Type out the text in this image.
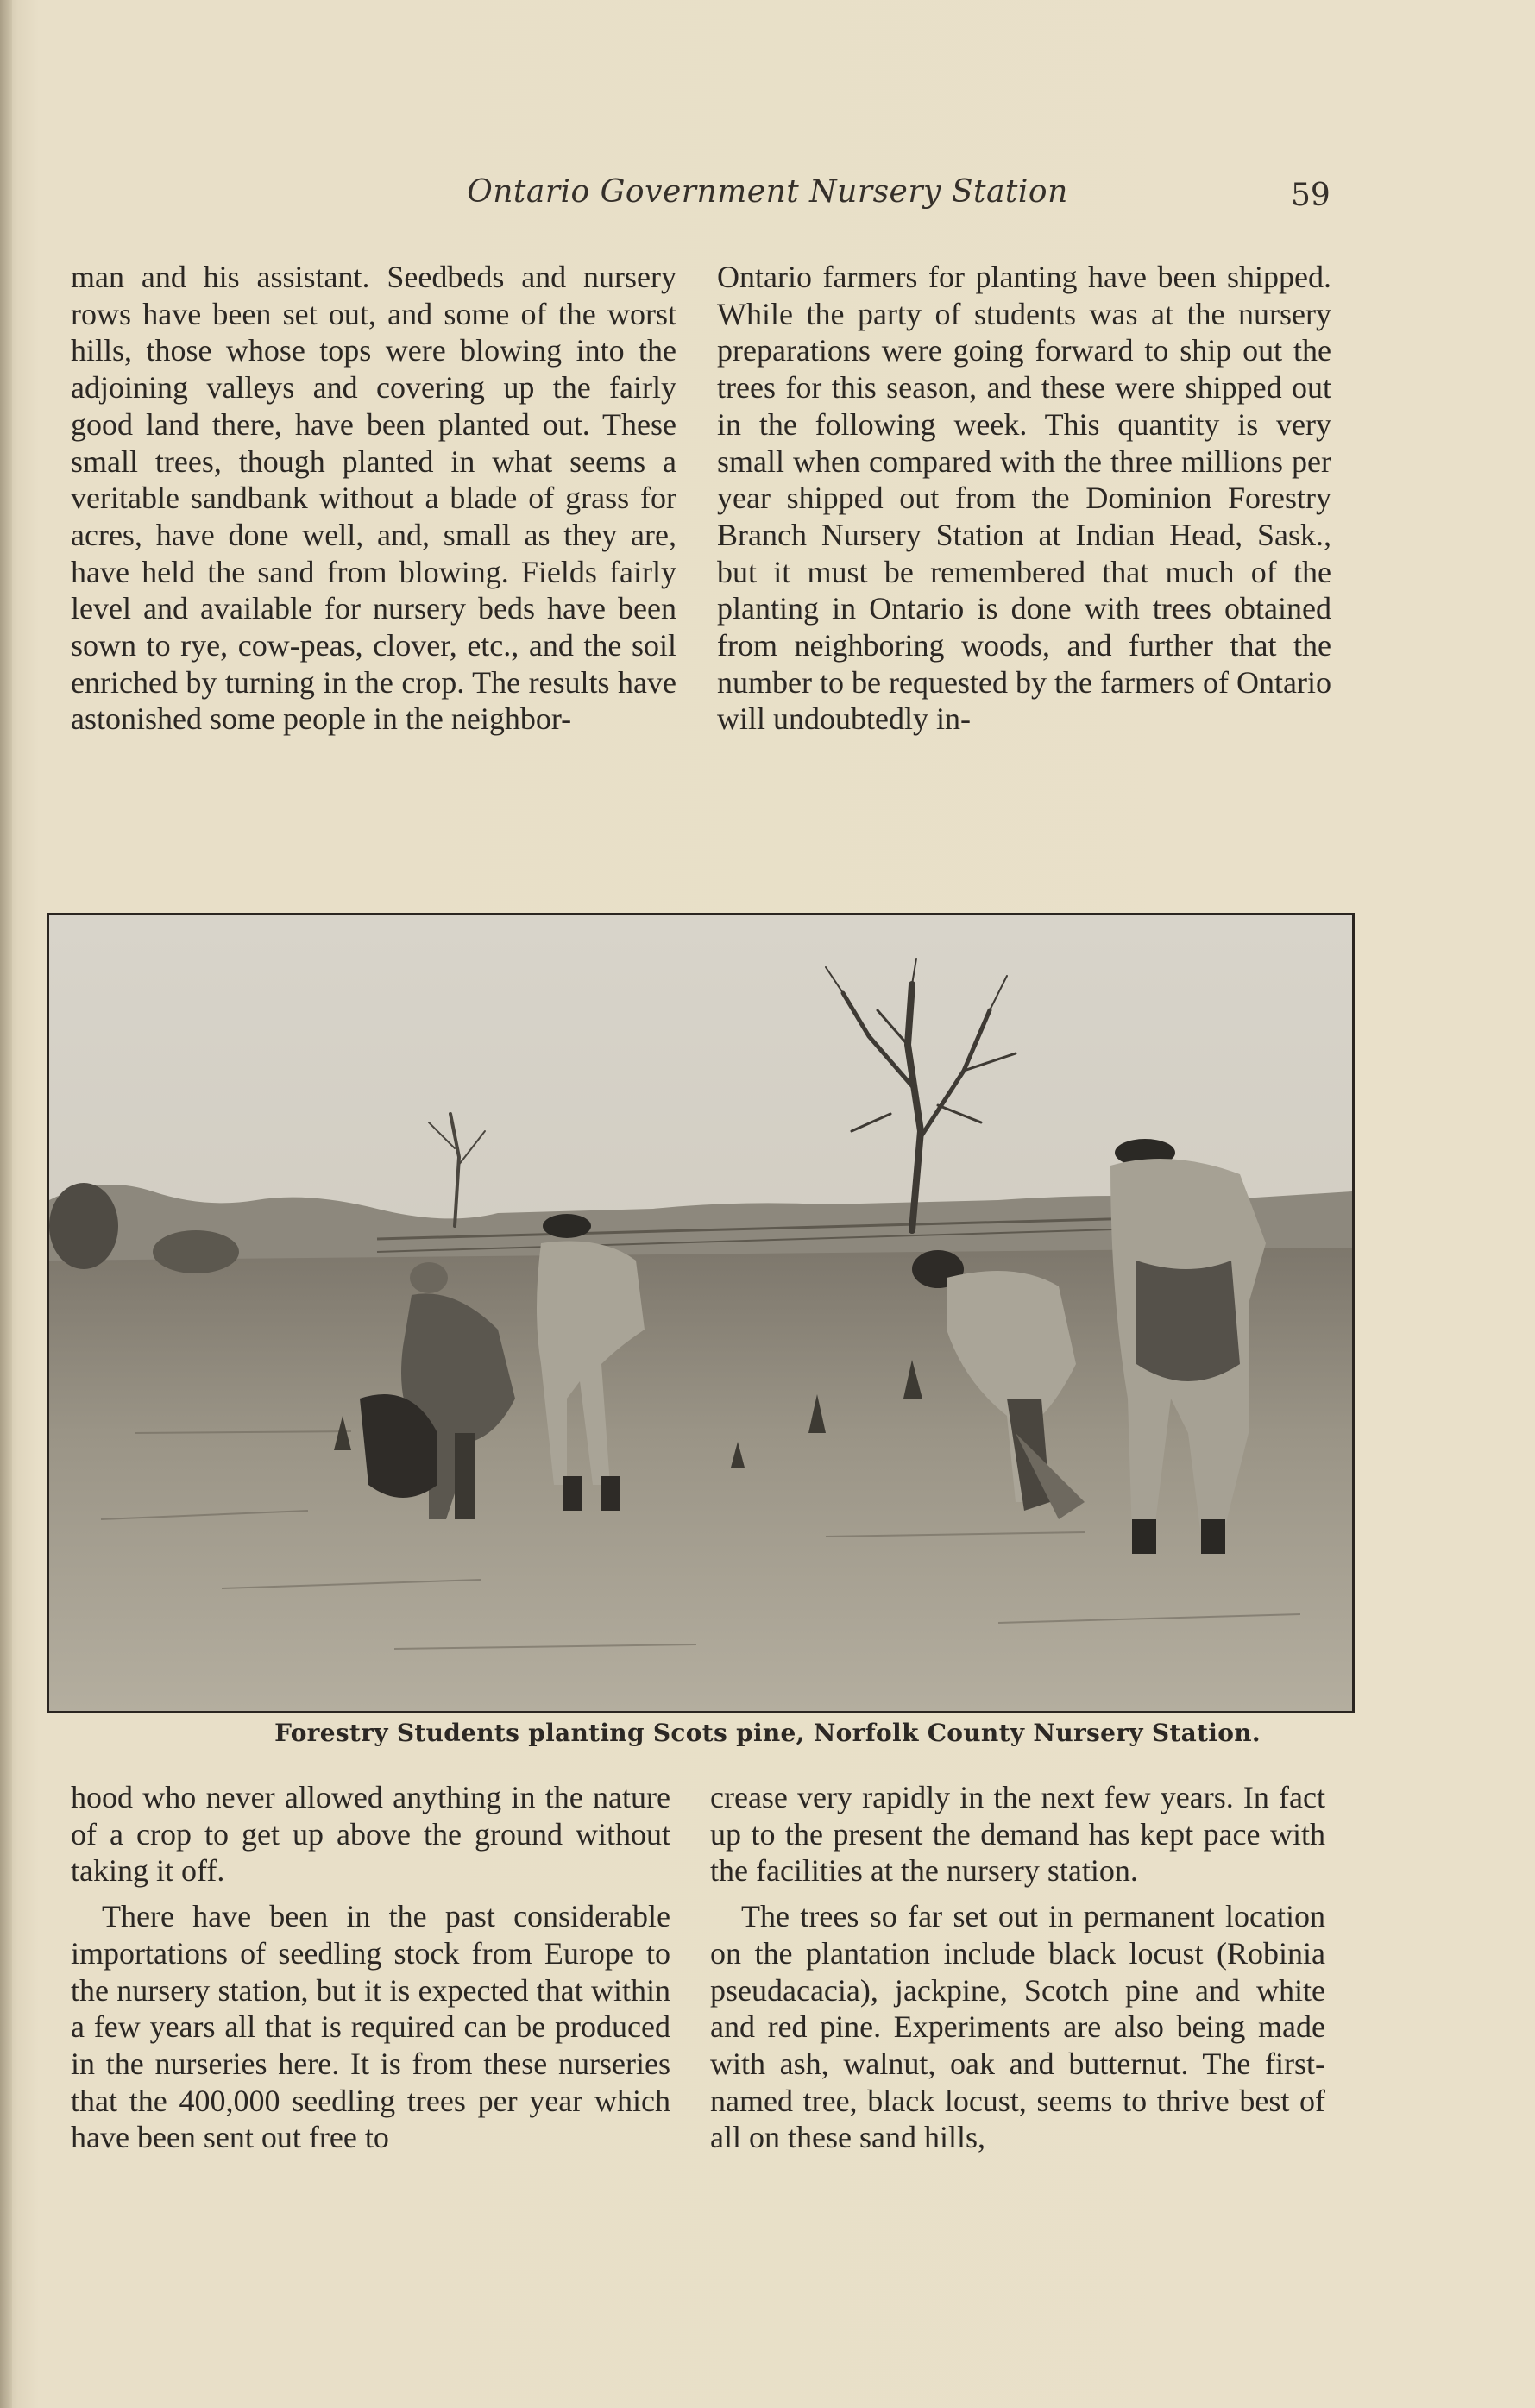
Ontario Government Nursery Station	59

man and his assistant. Seedbeds and nursery rows have been set out, and some of the worst hills, those whose tops were blowing into the adjoining valleys and covering up the fairly good land there, have been planted out. These small trees, though planted in what seems a veritable sandbank without a blade of grass for acres, have done well, and, small as they are, have held the sand from blowing. Fields fairly level and available for nursery beds have been sown to rye, cow-peas, clover, etc., and the soil enriched by turning in the crop. The results have astonished some people in the neighbor-

Ontario farmers for planting have been shipped. While the party of students was at the nursery preparations were going forward to ship out the trees for this season, and these were shipped out in the following week. This quantity is very small when compared with the three millions per year shipped out from the Dominion Forestry Branch Nursery Station at Indian Head, Sask., but it must be remembered that much of the planting in Ontario is done with trees obtained from neighboring woods, and further that the number to be requested by the farmers of Ontario will undoubtedly in-

Forestry Students planting Scots pine, Norfolk County Nursery Station.

hood who never allowed anything in the nature of a crop to get up above the ground without taking it off.

There have been in the past considerable importations of seedling stock from Europe to the nursery station, but it is expected that within a few years all that is required can be produced in the nurseries here. It is from these nurseries that the 400,000 seedling trees per year which have been sent out free to

crease very rapidly in the next few years. In fact up to the present the demand has kept pace with the facilities at the nursery station.

The trees so far set out in permanent location on the plantation include black locust (Robinia pseudacacia), jackpine, Scotch pine and white and red pine. Experiments are also being made with ash, walnut, oak and butternut. The first-named tree, black locust, seems to thrive best of all on these sand hills,
